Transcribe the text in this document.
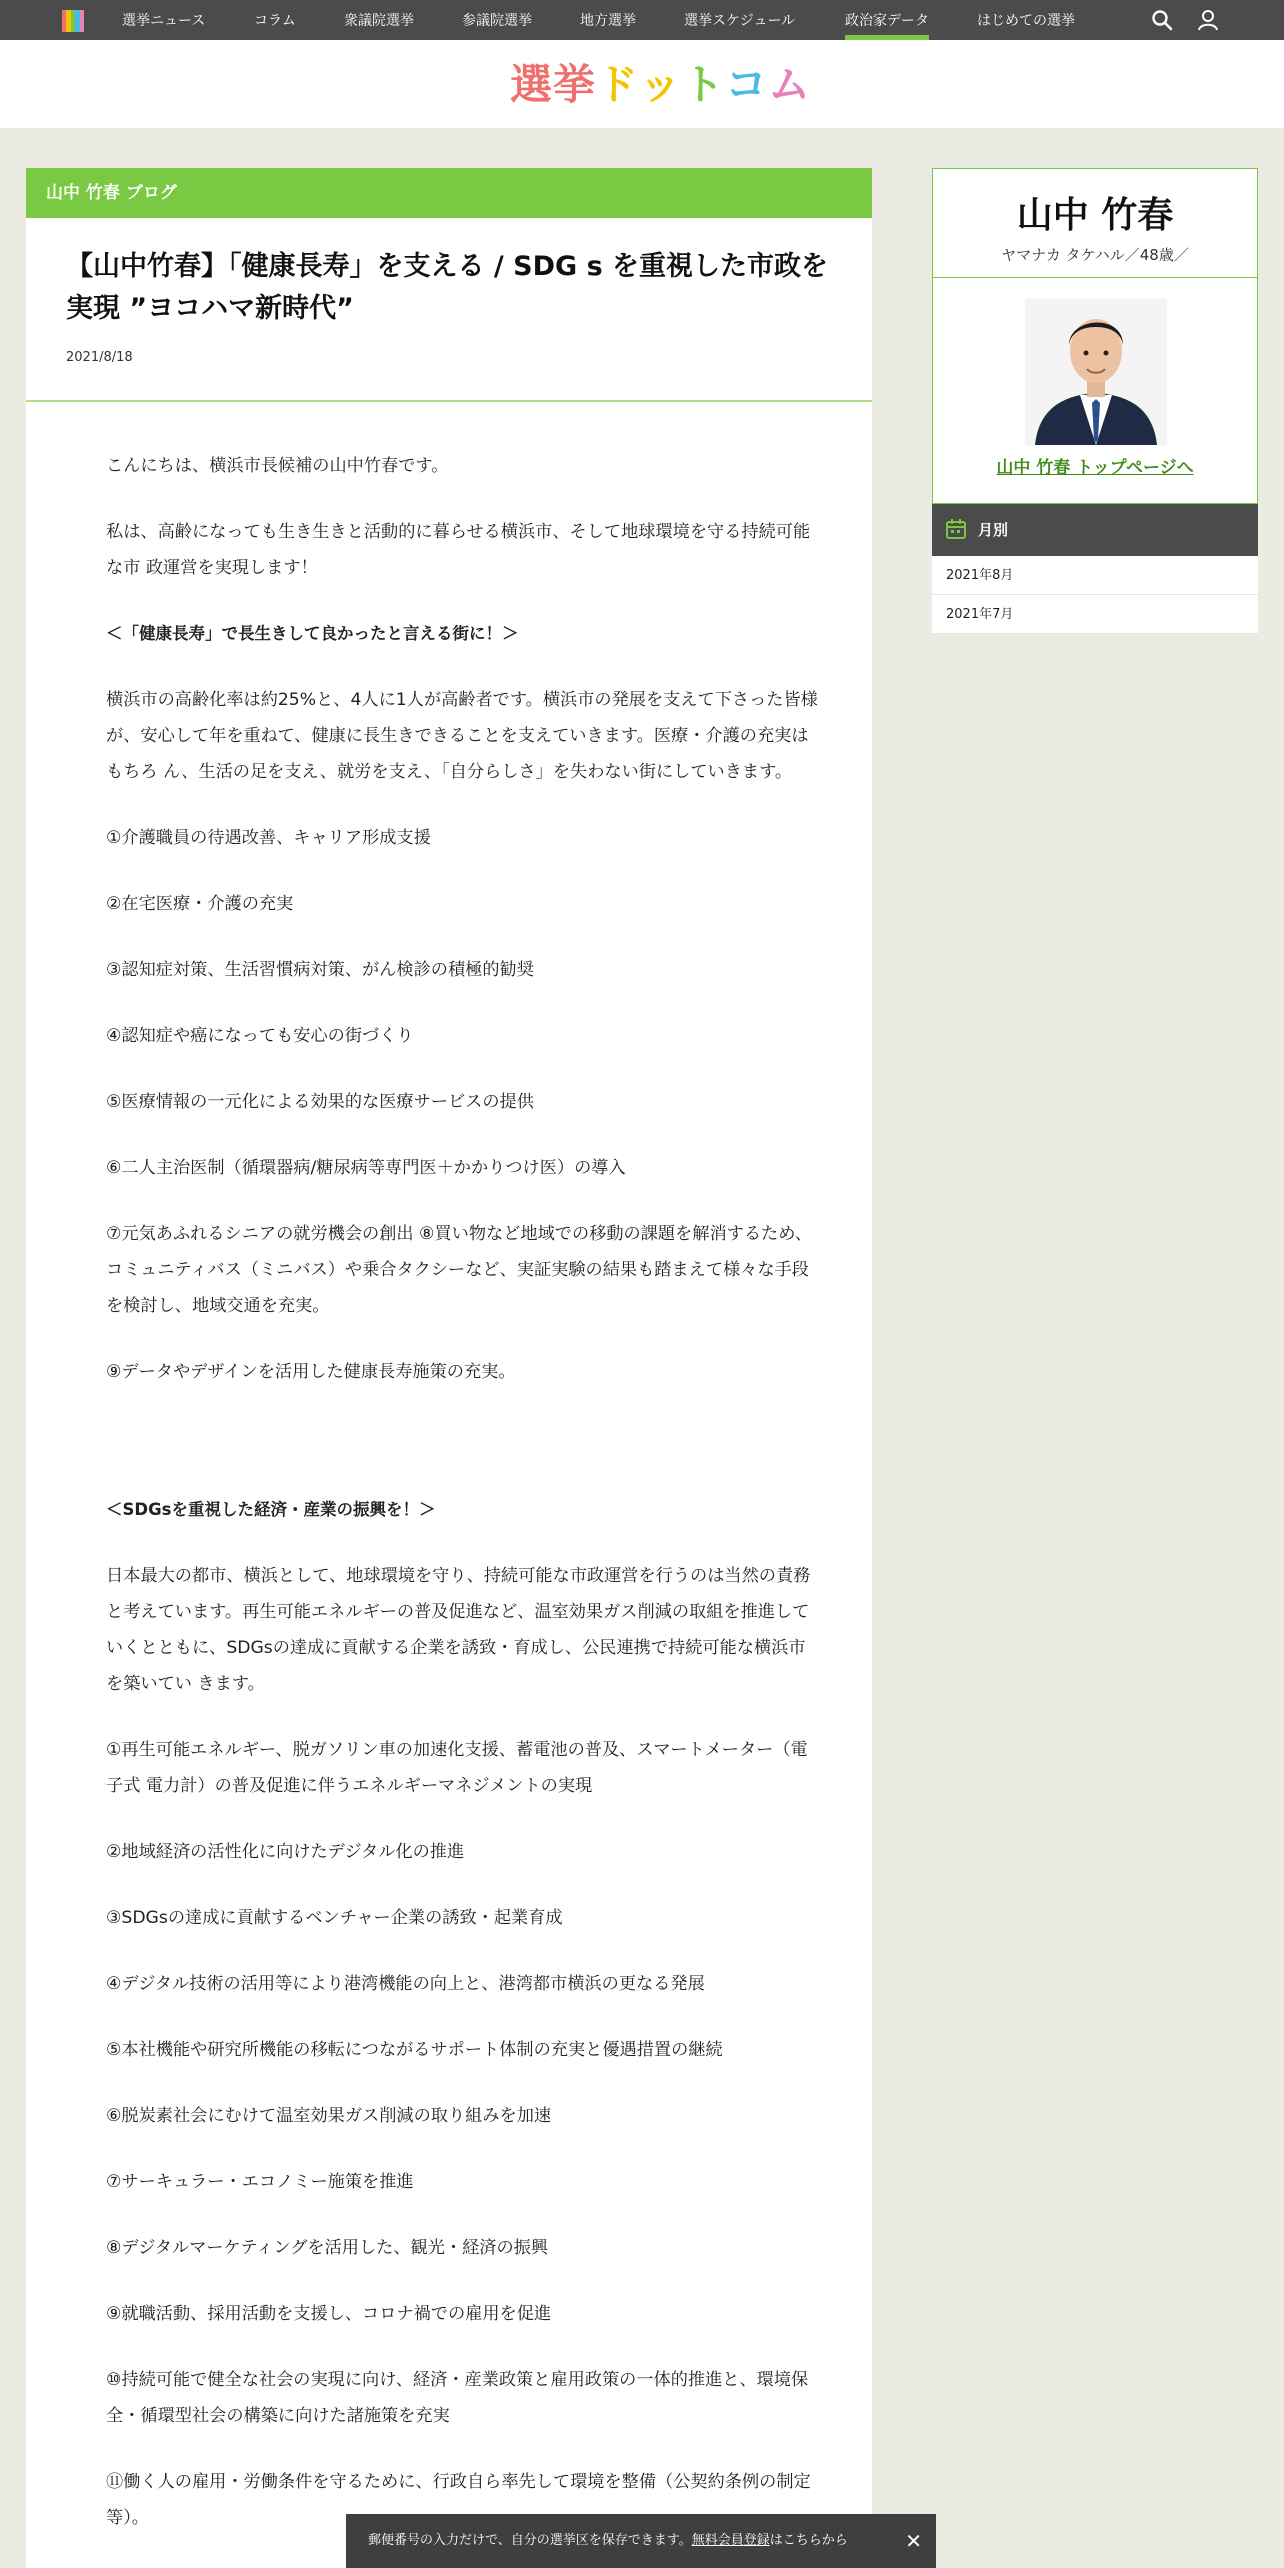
選挙ニュース	コラム	衆議院選挙	参議院選挙	地方選挙	選挙スケジュール	政治家データ	はじめての選挙
選挙ドットコム
山中 竹春 ブログ
【山中竹春】「健康長寿」を支える / SDG s を重視した市政を実現 ”ヨコハマ新時代”
2021/8/18

こんにちは、横浜市長候補の山中竹春です。

私は、高齢になっても生き生きと活動的に暮らせる横浜市、そして地球環境を守る持続可能な市 政運営を実現します！

＜「健康長寿」で長生きして良かったと言える街に！＞

横浜市の高齢化率は約25%と、4人に1人が高齢者です。横浜市の発展を支えて下さった皆様 が、安心して年を重ねて、健康に長生きできることを支えていきます。医療・介護の充実はもちろ ん、生活の足を支え、就労を支え、「自分らしさ」を失わない街にしていきます。

①介護職員の待遇改善、キャリア形成支援

②在宅医療・介護の充実

③認知症対策、生活習慣病対策、がん検診の積極的勧奨

④認知症や癌になっても安心の街づくり

⑤医療情報の一元化による効果的な医療サービスの提供

⑥二人主治医制（循環器病/糖尿病等専門医＋かかりつけ医）の導入

⑦元気あふれるシニアの就労機会の創出 ⑧買い物など地域での移動の課題を解消するため、コミュニティバス（ミニバス）や乗合タクシーなど、実証実験の結果も踏まえて様々な手段を検討し、地域交通を充実。

⑨データやデザインを活用した健康長寿施策の充実。

＜SDGsを重視した経済・産業の振興を！＞

日本最大の都市、横浜として、地球環境を守り、持続可能な市政運営を行うのは当然の責務と考えています。再生可能エネルギーの普及促進など、温室効果ガス削減の取組を推進していくとともに、SDGsの達成に貢献する企業を誘致・育成し、公民連携で持続可能な横浜市を築いてい きます。

①再生可能エネルギー、脱ガソリン車の加速化支援、蓄電池の普及、スマートメーター（電子式 電力計）の普及促進に伴うエネルギーマネジメントの実現

②地域経済の活性化に向けたデジタル化の推進

③SDGsの達成に貢献するベンチャー企業の誘致・起業育成

④デジタル技術の活用等により港湾機能の向上と、港湾都市横浜の更なる発展

⑤本社機能や研究所機能の移転につながるサポート体制の充実と優遇措置の継続

⑥脱炭素社会にむけて温室効果ガス削減の取り組みを加速

⑦サーキュラー・エコノミー施策を推進

⑧デジタルマーケティングを活用した、観光・経済の振興

⑨就職活動、採用活動を支援し、コロナ禍での雇用を促進

⑩持続可能で健全な社会の実現に向け、経済・産業政策と雇用政策の一体的推進と、環境保 全・循環型社会の構築に向けた諸施策を充実

⑪働く人の雇用・労働条件を守るために、行政自ら率先して環境を整備（公契約条例の制定 等）。

山中 竹春
ヤマナカ タケハル／48歳／
山中 竹春 トップページへ
月別
2021年8月
2021年7月
郵便番号の入力だけで、自分の選挙区を保存できます。無料会員登録はこちらから	✕
